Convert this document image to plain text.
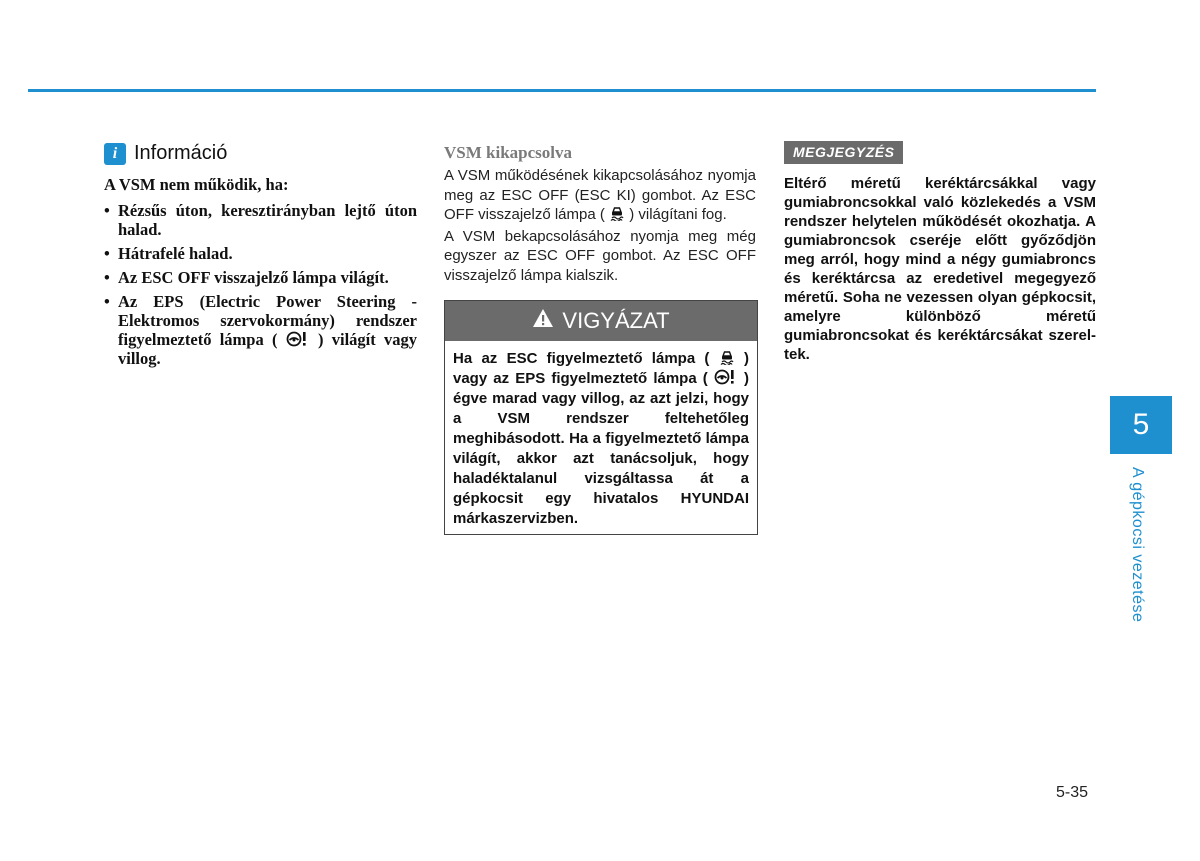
i Információ
A VSM nem működik, ha:
• Rézsűs úton, keresztirányban lejtő úton halad.
• Hátrafelé halad.
• Az ESC OFF visszajelző lámpa világít.
• Az EPS (Electric Power Steering - Elektromos szervokormány) rendszer figyelmeztető lámpa (
) világít vagy villog.
VSM kikapcsolva

A VSM működésének kikapcsolásához nyomja meg az ESC OFF (ESC KI) gombot. Az ESC OFF visszajelző lámpa (
) világítani fog.

A VSM bekapcsolásához nyomja meg még egyszer az ESC OFF gombot. Az ESC OFF visszajelző lámpa kialszik.

VIGYÁZAT
Ha az ESC figyelmeztető lámpa (
) vagy az EPS figyelmeztető lámpa (
) égve marad vagy villog, az azt jelzi, hogy a VSM rendszer feltehetőleg meghibásodott. Ha a figyelmeztető lámpa világít, akkor azt tanácsoljuk, hogy haladéktalanul vizsgáltassa át a gépkocsit egy hivatalos HYUNDAI márkaszervizben.
MEGJEGYZÉS

Eltérő méretű keréktárcsákkal vagy gumiabroncsokkal való közlekedés a VSM rendszer helytelen működését okozhatja. A gumiabroncsok cseréje előtt győződjön meg arról, hogy mind a négy gumiabroncs és keréktárcsa az eredetivel megegyező méretű. Soha ne vezessen olyan gépkocsit, amelyre különböző méretű gumiabroncsokat és keréktárcsákat szereltek.

5
A gépkocsi vezetése
5-35
